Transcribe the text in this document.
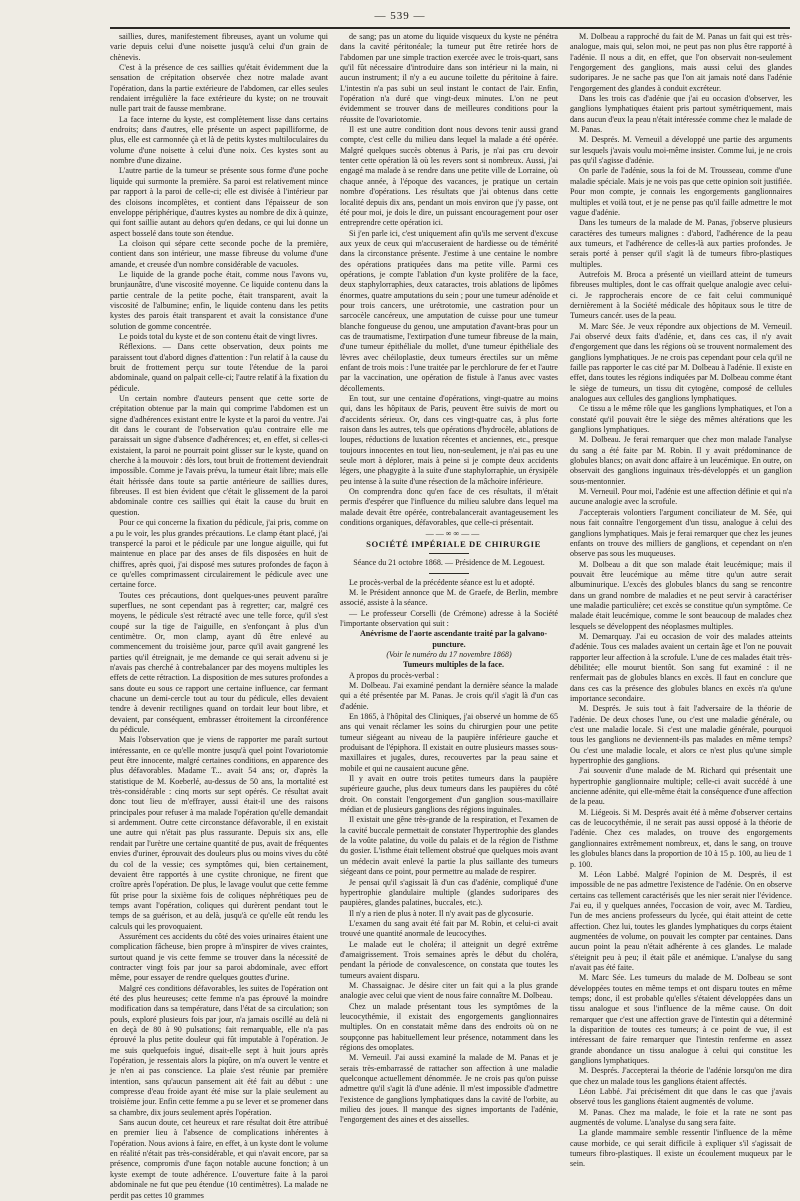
— 539 —

saillies, dures, manifestement fibreuses, ayant un volume qui varie depuis celui d'une noisette jusqu'à celui d'un grain de chènevis.

C'est à la présence de ces saillies qu'était évidemment due la sensation de crépitation observée chez notre malade avant l'opération, dans la partie extérieure de l'abdomen, car elles seules rendaient irrégulière la face extérieure du kyste; on ne trouvait nulle part trait de fausse membrane.

La face interne du kyste, est complètement lisse dans certains endroits; dans d'autres, elle présente un aspect papilliforme, de plus, elle est carmonnée çà et là de petits kystes multiloculaires du volume d'une noisette à celui d'une noix. Ces kystes sont au nombre d'une dizaine.

L'autre partie de la tumeur se présente sous forme d'une poche liquide qui surmonte la première. Sa paroi est relativement mince par rapport à la paroi de celle-ci; elle est divisée à l'intérieur par des cloisons incomplètes, et contient dans l'épaisseur de son enveloppe périphérique, d'autres kystes au nombre de dix à quinze, qui font saillie autant au dehors qu'en dedans, ce qui lui donne un aspect bosselé dans toute son étendue.

La cloison qui sépare cette seconde poche de la première, contient dans son intérieur, une masse fibreuse du volume d'une amande, et creusée d'un nombre considérable de vacuoles.

Le liquide de la grande poche était, comme nous l'avons vu, brunjaunâtre, d'une viscosité moyenne. Ce liquide contenu dans la partie centrale de la petite poche, était transparent, avait la viscosité de l'albumine; enfin, le liquide contenu dans les petits kystes des parois était transparent et avait la consistance d'une solution de gomme concentrée.

Le poids total du kyste et de son contenu était de vingt livres.

Réflexions. — Dans cette observation, deux points me paraissent tout d'abord dignes d'attention : l'un relatif à la cause du bruit de frottement perçu sur toute l'étendue de la paroi abdominale, quand on palpait celle-ci; l'autre relatif à la fixation du pédicule.

Un certain nombre d'auteurs pensent que cette sorte de crépitation obtenue par la main qui comprime l'abdomen est un signe d'adhérences existant entre le kyste et la paroi du ventre. J'ai dit dans le courant de l'observation qu'au contraire elle me paraissait un signe d'absence d'adhérences; et, en effet, si celles-ci existaient, la paroi ne pourrait point glisser sur le kyste, quand on cherche à la mouvoir : dès lors, tout bruit de frottement deviendrait impossible. Comme je l'avais prévu, la tumeur était libre; mais elle était hérissée dans toute sa partie antérieure de saillies dures, fibreuses. Il est bien évident que c'était le glissement de la paroi abdominale contre ces saillies qui était la cause du bruit en question.

Pour ce qui concerne la fixation du pédicule, j'ai pris, comme on a pu le voir, les plus grandes précautions. Le clamp étant placé, j'ai transpercé la paroi et le pédicule par une longue aiguille, qui fut maintenue en place par des anses de fils disposées en huit de chiffres, après quoi, j'ai disposé mes sutures profondes de façon à ce qu'elles comprimassent circulairement le pédicule avec une certaine force.

Toutes ces précautions, dont quelques-unes peuvent paraître superflues, ne sont cependant pas à regretter; car, malgré ces moyens, le pédicule s'est rétracté avec une telle force, qu'il s'est coupé sur la tige de l'aiguille, en s'enfonçant à plus d'un centimètre. Or, mon clamp, ayant dû être enlevé au commencement du troisième jour, parce qu'il avait gangrené les parties qu'il étreignait, je me demande ce qui serait advenu si je n'avais pas cherché à contrebalancer par des moyens multiples les effets de cette rétraction. La disposition de mes sutures profondes a sans doute eu sous ce rapport une certaine influence, car fermant chacune un demi-cercle tout au tour du pédicule, elles devaient tendre à devenir rectilignes quand on tordait leur bout libre, et devaient, par conséquent, embrasser étroitement la circonférence du pédicule.

Mais l'observation que je viens de rapporter me paraît surtout intéressante, en ce qu'elle montre jusqu'à quel point l'ovariotomie peut être innocente, malgré certaines conditions, en apparence des plus défavorables. Madame T... avait 54 ans; or, d'après la statistique de M. Koeberlé, au-dessus de 50 ans, la mortalité est très-considérable : cinq morts sur sept opérés. Ce résultat avait donc tout lieu de m'effrayer, aussi était-il une des raisons principales pour refuser à ma malade l'opération qu'elle demandait si ardemment. Outre cette circonstance défavorable, il en existait une autre qui n'était pas plus rassurante. Depuis six ans, elle rendait par l'urètre une certaine quantité de pus, avait de fréquentes envies d'uriner, éprouvait des douleurs plus ou moins vives du côté du col de la vessie; ces symptômes qui, bien certainement, devaient être rapportés à une cystite chronique, ne firent que croître après l'opération. De plus, le lavage voulut que cette femme fût prise pour la sixième fois de coliques néphrétiques peu de temps avant l'opération, coliques qui durèrent pendant tout le temps de sa guérison, et au delà, jusqu'à ce qu'elle eût rendu les calculs qui les provoquaient.

Assurément ces accidents du côté des voies urinaires étaient une complication fâcheuse, bien propre à m'inspirer de vives craintes, surtout quand je vis cette femme se trouver dans la nécessité de contracter vingt fois par jour sa paroi abdominale, avec effort même, pour essayer de rendre quelques gouttes d'urine.

Malgré ces conditions défavorables, les suites de l'opération ont été des plus heureuses; cette femme n'a pas éprouvé la moindre modification dans sa température, dans l'état de sa circulation; son pouls, exploré plusieurs fois par jour, n'a jamais oscillé au delà ni en deçà de 80 à 90 pulsations; fait remarquable, elle n'a pas éprouvé la plus petite douleur qui fût imputable à l'opération. Je me suis quelquefois ingué, disait-elle sept à huit jours après l'opération, je ressentais alors la piqûre, on m'a ouvert le ventre et je n'en ai pas conscience. La plaie s'est réunie par première intention, sans qu'aucun pansement ait été fait au début : une compresse d'eau froide ayant été mise sur la plaie seulement au troisième jour. Enfin cette femme a pu se lever et se promener dans sa chambre, dix jours seulement après l'opération.

Sans aucun doute, cet heureux et rare résultat doit être attribué en premier lieu à l'absence de complications inhérentes à l'opération. Nous avions à faire, en effet, à un kyste dont le volume en réalité n'était pas très-considérable, et qui n'avait encore, par sa présence, compromis d'une façon notable aucune fonction; à un kyste exempt de toute adhérence. L'ouverture faite à la paroi abdominale ne fut que peu étendue (10 centimètres). La malade ne perdit pas cettes 10 grammes

de sang; pas un atome du liquide visqueux du kyste ne pénétra dans la cavité péritonéale; la tumeur put être retirée hors de l'abdomen par une simple traction exercée avec le trois-quart, sans qu'il fût nécessaire d'introduire dans son intérieur ni la main, ni aucun instrument; il n'y a eu aucune toilette du péritoine à faire. L'intestin n'a pas subi un seul instant le contact de l'air. Enfin, l'opération n'a duré que vingt-deux minutes. L'on ne peut évidemment se trouver dans de meilleures conditions pour la réussite de l'ovariotomie.

Il est une autre condition dont nous devons tenir aussi grand compte, c'est celle du milieu dans lequel la malade a été opérée. Malgré quelques succès obtenus à Paris, je n'ai pas cru devoir tenter cette opération là où les revers sont si nombreux. Aussi, j'ai engagé ma malade à se rendre dans une petite ville de Lorraine, où chaque année, à l'époque des vacances, je pratique un certain nombre d'opérations. Les résultats que j'ai obtenus dans cette localité depuis dix ans, pendant un mois environ que j'y passe, ont été pour moi, je dois le dire, un puissant encouragement pour oser entreprendre cette opération ici.

Si j'en parle ici, c'est uniquement afin qu'ils me servent d'excuse aux yeux de ceux qui m'accuseraient de hardiesse ou de témérité dans la circonstance présente. J'estime à une centaine le nombre des opérations pratiquées dans ma petite ville. Parmi ces opérations, je compte l'ablation d'un kyste prolifère de la face, deux staphylorraphies, deux cataractes, trois ablations de lipômes énormes, quatre amputations du sein ; pour une tumeur adénoïde et pour trois cancers, une urétrotomie, une castration pour un sarcocèle cancéreux, une amputation de cuisse pour une tumeur blanche fongueuse du genou, une amputation d'avant-bras pour un cas de traumatisme, l'extirpation d'une tumeur fibreuse de la main, d'une tumeur épithéliale du mollet, d'une tumeur épithéliale des lèvres avec chéiloplastie, deux tumeurs érectiles sur un même enfant de trois mois : l'une traitée par le perchlorure de fer et l'autre par la vaccination, une opération de fistule à l'anus avec vastes décollements.

En tout, sur une centaine d'opérations, vingt-quatre au moins qui, dans les hôpitaux de Paris, peuvent être suivis de mort ou d'accidents sérieux. Or, dans ces vingt-quatre cas, à plus forte raison dans les autres, tels que opérations d'hydrocèle, ablations de loupes, réductions de luxation récentes et anciennes, etc., presque toujours innocentes en tout lieu, non-seulement, je n'ai pas eu une seule mort à déplorer, mais à peine si je compte deux accidents légers, une phagygite à la suite d'une staphylorraphie, un érysipèle peu intense à la suite d'une résection de la mâchoire inférieure.

On comprendra donc qu'en face de ces résultats, il m'était permis d'espérer que l'influence du milieu salubre dans lequel ma malade devait être opérée, contrebalancerait avantageusement les conditions organiques, défavorables, que celle-ci présentait.

——∞∞——

SOCIÉTÉ IMPÉRIALE DE CHIRURGIE

Séance du 21 octobre 1868. — Présidence de M. Legouest.

Le procès-verbal de la précédente séance est lu et adopté.

M. le Président annonce que M. de Graefe, de Berlin, membre associé, assiste à la séance.

— Le professeur Corselli (de Crémone) adresse à la Société l'importante observation qui suit :

Anévrisme de l'aorte ascendante traité par la galvano-puncture.

(Voir le numéro du 17 novembre 1868)

Tumeurs multiples de la face.

A propos du procès-verbal :

M. Dolbeau. J'ai examiné pendant la dernière séance la malade qui a été présentée par M. Panas. Je crois qu'il s'agit là d'un cas d'adénie.

En 1865, à l'hôpital des Cliniques, j'ai observé un homme de 65 ans qui venait réclamer les soins du chirurgien pour une petite tumeur siégeant au niveau de la paupière inférieure gauche et produisant de l'épiphora. Il existait en outre plusieurs masses sous-maxillaires et jugales, dures, recouvertes par la peau saine et mobile et qui ne causaient aucune gêne.

Il y avait en outre trois petites tumeurs dans la paupière supérieure gauche, plus deux tumeurs dans les paupières du côté droit. On constait l'engorgement d'un ganglion sous-maxillaire médian et de plusieurs ganglions des régions inguinales.

Il existait une gêne très-grande de la respiration, et l'examen de la cavité buccale permettait de constater l'hypertrophie des glandes de la voûte palatine, du voile du palais et de la région de l'isthme du gosier. L'isthme était tellement obstrué que quelques mois avant un médecin avait enlevé la partie la plus saillante des tumeurs siégeant dans ce point, pour permettre au malade de respirer.

Je pensai qu'il s'agissait là d'un cas d'adénie, compliqué d'une hypertrophie glandulaire multiple (glandes sudoripares des paupières, glandes palatines, buccales, etc.).

Il n'y a rien de plus à noter. Il n'y avait pas de glycosurie.

L'examen du sang avait été fait par M. Robin, et celui-ci avait trouvé une quantité anormale de leucocythes.

Le malade eut le choléra; il atteignit un degré extrême d'amaigrissement. Trois semaines après le début du choléra, pendant la période de convalescence, on constata que toutes les tumeurs avaient disparu.

M. Chassaignac. Je désire citer un fait qui a la plus grande analogie avec celui que vient de nous faire connaître M. Dolbeau.

Chez un malade présentant tous les symptômes de la leucocythémie, il existait des engorgements ganglionnaires multiples. On en constatait même dans des endroits où on ne soupçonne pas habituellement leur présence, notamment dans les régions des omoplates.

M. Verneuil. J'ai aussi examiné la malade de M. Panas et je serais très-embarrassé de rattacher son affection à une maladie quelconque actuellement dénommée. Je ne crois pas qu'on puisse admettre qu'il s'agit là d'une adénie. Il m'est impossible d'admettre l'existence de ganglions lymphatiques dans la cavité de l'orbite, au milieu des joues. Il manque des signes importants de l'adénie, l'engorgement des aines et des aisselles.

M. Dolbeau a rapproché du fait de M. Panas un fait qui est très-analogue, mais qui, selon moi, ne peut pas non plus être rapporté à l'adénie. Il nous a dit, en effet, que l'on observait non-seulement l'engorgement des ganglions, mais aussi celui des glandes sudoripares. Je ne sache pas que l'on ait jamais noté dans l'adénie l'engorgement des glandes à conduit excréteur.

Dans les trois cas d'adénie que j'ai eu occasion d'observer, les ganglions lymphatiques étaient pris partout symétriquement, mais dans aucun d'eux la peau n'était intéressée comme chez le malade de M. Panas.

M. Després. M. Verneuil a développé une partie des arguments sur lesquels j'avais voulu moi-même insister. Comme lui, je ne crois pas qu'il s'agisse d'adénie.

On parle de l'adénie, sous la foi de M. Trousseau, comme d'une maladie spéciale. Mais je ne vois pas que cette opinion soit justifiée. Pour mon compte, je connais les engorgements ganglionnaires multiples et voilà tout, et je ne pense pas qu'il faille admettre le mot vague d'adénie.

Dans les tumeurs de la malade de M. Panas, j'observe plusieurs caractères des tumeurs malignes : d'abord, l'adhérence de la peau aux tumeurs, et l'adhérence de celles-là aux parties profondes. Je serais porté à penser qu'il s'agit là de tumeurs fibro-plastiques multiples.

Autrefois M. Broca a présenté un vieillard atteint de tumeurs fibreuses multiples, dont le cas offrait quelque analogie avec celui-ci. Je rapprocherais encore de ce fait celui communiqué dernièrement à la Société médicale des hôpitaux sous le titre de Tumeurs cancér. uses de la peau.

M. Marc Sée. Je veux répondre aux objections de M. Verneuil. J'ai observé deux faits d'adénie, et, dans ces cas, il n'y avait d'engorgement que dans les régions où se trouvent normalement des ganglions lymphatiques. Je ne crois pas cependant pour cela qu'il ne faille pas rapporter le cas cité par M. Dolbeau à l'adénie. Il existe en effet, dans toutes les régions indiquées par M. Dolbeau comme étant le siège de tumeurs, un tissu dit cytogène, composé de cellules analogues aux cellules des ganglions lymphatiques.

Ce tissu a le même rôle que les ganglions lymphatiques, et l'on a constaté qu'il pouvait être le siège des mêmes altérations que les ganglions lymphatiques.

M. Dolbeau. Je ferai remarquer que chez mon malade l'analyse du sang a été faite par M. Robin. Il y avait prédominance de globules blancs; on avait donc affaire à un leucémique. En outre, on observait des ganglions inguinaux très-développés et un ganglion sous-mentonnier.

M. Verneuil. Pour moi, l'adénie est une affection définie et qui n'a aucune analogie avec la scrofule.

J'accepterais volontiers l'argument conciliateur de M. Sée, qui nous fait connaître l'engorgement d'un tissu, analogue à celui des ganglions lymphatiques. Mais je ferai remarquer que chez les jeunes enfants on trouve des milliers de ganglions, et cependant on n'en observe pas sous les muqueuses.

M. Dolbeau a dit que son malade était leucémique; mais il pouvait être leucémique au même titre qu'un autre serait albuminurique. L'excès des globules blancs du sang se rencontre dans un grand nombre de maladies et ne peut servir à caractériser une maladie particulière; cet excès se constitue qu'un symptôme. Ce malade était leucémique, comme le sont beaucoup de malades chez lesquels se développent des néoplasmes multiples.

M. Demarquay. J'ai eu occasion de voir des malades atteints d'adénie. Tous ces malades avaient un certain âge et l'on ne pouvait rapporter leur affection à la scrofule. L'une de ces malades était très-débilitée; elle mourut bientôt. Son sang fut examiné : il ne renfermait pas de globules blancs en excès. Il faut en conclure que dans ces cas la présence des globules blancs en excès n'a qu'une importance secondaire.

M. Després. Je suis tout à fait l'adversaire de la théorie de l'adénie. De deux choses l'une, ou c'est une maladie générale, ou c'est une maladie locale. Si c'est une maladie générale, pourquoi tous les ganglions ne deviennent-ils pas malades en même temps? Ou c'est une maladie locale, et alors ce n'est plus qu'une simple hypertrophie des ganglions.

J'ai souvenir d'une malade de M. Richard qui présentait une hypertrophie ganglionnaire multiple; celle-ci avait succédé à une ancienne adénite, qui elle-même était la conséquence d'une affection de la peau.

M. Liégeois. Si M. Després avait été à même d'observer certains cas de leucocythémie, il ne serait pas aussi opposé à la théorie de l'adénie. Chez ces malades, on trouve des engorgements ganglionnaires extrêmement nombreux, et, dans le sang, on trouve les globules blancs dans la proportion de 10 à 15 p. 100, au lieu de 1 p. 100.

M. Léon Labbé. Malgré l'opinion de M. Després, il est impossible de ne pas admettre l'existence de l'adénie. On en observe certains cas tellement caractérisés que les nier serait nier l'évidence. J'ai eu, il y quelques années, l'occasion de voir, avec M. Tardieu, l'un de mes anciens professeurs du lycée, qui était atteint de cette affection. Chez lui, toutes les glandes lymphatiques du corps étaient augmentées de volume, on pouvait les compter par centaines. Dans aucun point la peau n'était adhérente à ces glandes. Le malade s'éteignit peu à peu; il était pâle et anémique. L'analyse du sang n'avait pas été faite.

M. Marc Sée. Les tumeurs du malade de M. Dolbeau se sont développées toutes en même temps et ont disparu toutes en même temps; donc, il est probable qu'elles s'étaient développées dans un tissu analogue et sous l'influence de la même cause. On doit remarquer que c'est une affection grave de l'intestin qui a déterminé la disparition de toutes ces tumeurs; à ce point de vue, il est intéressant de faire remarquer que l'intestin renferme en assez grande abondance un tissu analogue à celui qui constitue les ganglions lymphatiques.

M. Després. J'accepterai la théorie de l'adénie lorsqu'on me dira que chez un malade tous les ganglions étaient affectés.

Léon Labbé. J'ai précisément dit que dans le cas que j'avais observé tous les ganglions étaient augmentés de volume.

M. Panas. Chez ma malade, le foie et la rate ne sont pas augmentés de volume. L'analyse du sang sera faite.

La glande mammaire semble ressentir l'influence de la même cause morbide, ce qui serait difficile à expliquer s'il s'agissait de tumeurs fibro-plastiques. Il existe un écoulement muqueux par le sein.
